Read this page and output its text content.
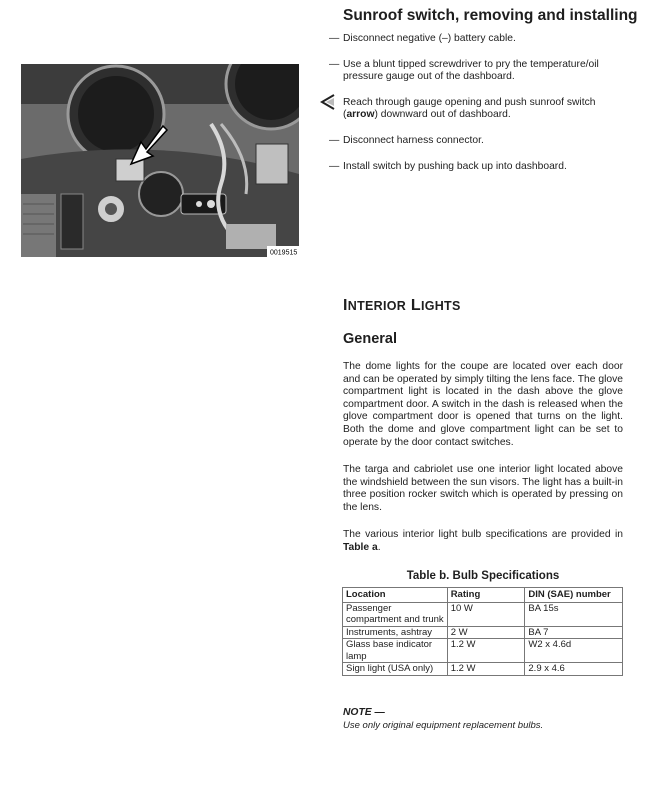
0019515
Sunroof switch, removing and installing
— Disconnect negative (–) battery cable.
— Use a blunt tipped screwdriver to pry the temperature/oil pressure gauge out of the dashboard.
Reach through gauge opening and push sunroof switch (arrow) downward out of dashboard.
— Disconnect harness connector.
— Install switch by pushing back up into dashboard.
INTERIOR LIGHTS
General
The dome lights for the coupe are located over each door and can be operated by simply tilting the lens face. The glove compartment light is located in the dash above the glove compartment door. A switch in the dash is released when the glove compartment door is opened that turns on the light. Both the dome and glove compartment light can be set to operate by the door contact switches.
The targa and cabriolet use one interior light located above the windshield between the sun visors. The light has a built-in three position rocker switch which is operated by pressing on the lens.
The various interior light bulb specifications are provided in Table a.
Table b. Bulb Specifications
Location	Rating	DIN (SAE) number
Passenger compartment and trunk	10 W	BA 15s
Instruments, ashtray	2 W	BA 7
Glass base indicator lamp	1.2 W	W2 x 4.6d
Sign light (USA only)	1.2 W	2.9 x 4.6
NOTE —
Use only original equipment replacement bulbs.
